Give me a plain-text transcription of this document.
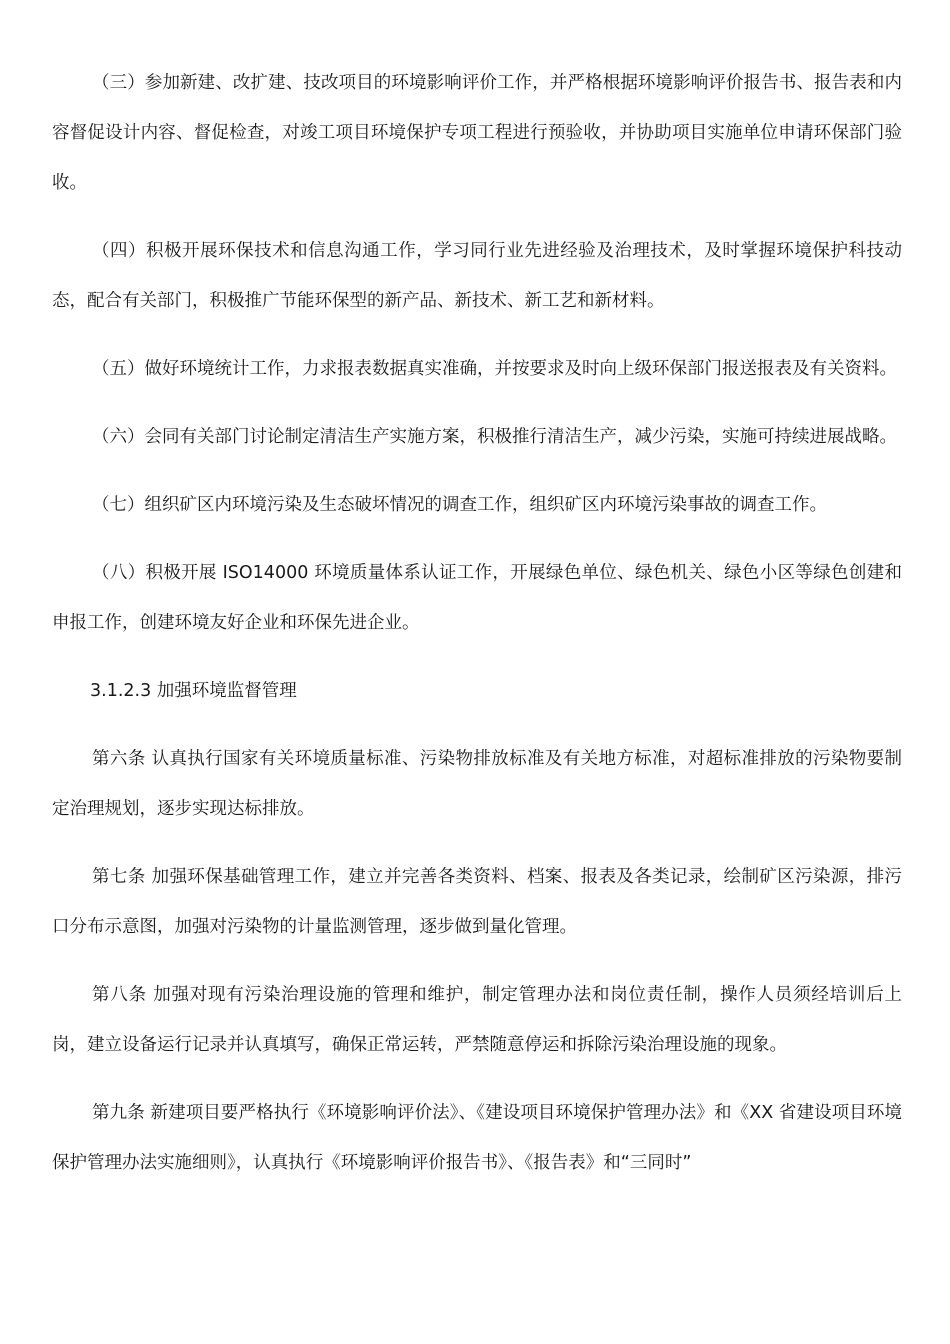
（三）参加新建、改扩建、技改项目的环境影响评价工作，并严格根据环境影响评价报告书、报告表和内容督促设计内容、督促检查，对竣工项目环境保护专项工程进行预验收，并协助项目实施单位申请环保部门验收。

（四）积极开展环保技术和信息沟通工作，学习同行业先进经验及治理技术，及时掌握环境保护科技动态，配合有关部门，积极推广节能环保型的新产品、新技术、新工艺和新材料。

（五）做好环境统计工作，力求报表数据真实准确，并按要求及时向上级环保部门报送报表及有关资料。

（六）会同有关部门讨论制定清洁生产实施方案，积极推行清洁生产，减少污染，实施可持续进展战略。

（七）组织矿区内环境污染及生态破坏情况的调查工作，组织矿区内环境污染事故的调查工作。

（八）积极开展 ISO14000 环境质量体系认证工作，开展绿色单位、绿色机关、绿色小区等绿色创建和申报工作，创建环境友好企业和环保先进企业。

3.1.2.3 加强环境监督管理

第六条 认真执行国家有关环境质量标准、污染物排放标准及有关地方标准，对超标准排放的污染物要制定治理规划，逐步实现达标排放。

第七条 加强环保基础管理工作，建立并完善各类资料、档案、报表及各类记录，绘制矿区污染源，排污口分布示意图，加强对污染物的计量监测管理，逐步做到量化管理。

第八条 加强对现有污染治理设施的管理和维护，制定管理办法和岗位责任制，操作人员须经培训后上岗，建立设备运行记录并认真填写，确保正常运转，严禁随意停运和拆除污染治理设施的现象。

第九条 新建项目要严格执行《环境影响评价法》、《建设项目环境保护管理办法》和《XX 省建设项目环境保护管理办法实施细则》，认真执行《环境影响评价报告书》、《报告表》和“三同时”
